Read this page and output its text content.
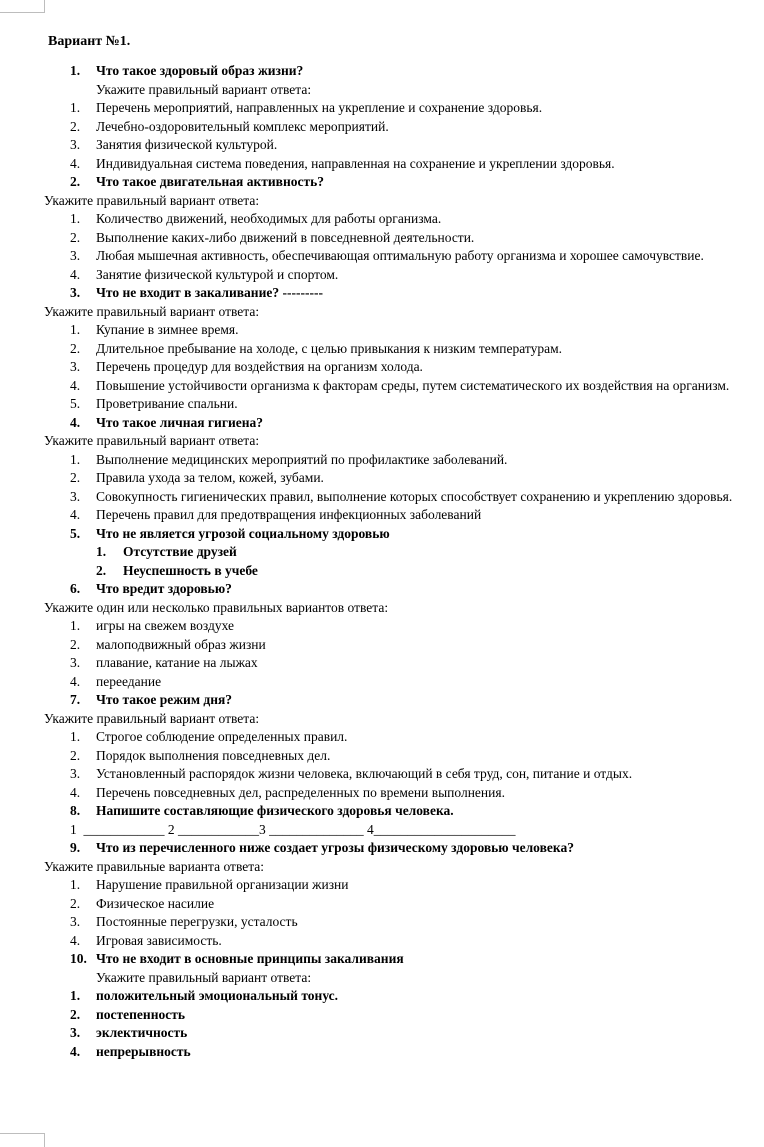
Вариант №1.
1.	Что такое здоровый образ жизни?
Укажите правильный вариант ответа:
1.	Перечень мероприятий, направленных на укрепление и сохранение здоровья.
2.	Лечебно-оздоровительный комплекс мероприятий.
3.	Занятия физической культурой.
4.	Индивидуальная система поведения, направленная на сохранение и укреплении здоровья.
2.	Что такое двигательная активность?
Укажите правильный вариант ответа:
1.	Количество движений, необходимых для работы организма.
2.	Выполнение каких-либо движений в повседневной деятельности.
3.	Любая мышечная активность, обеспечивающая оптимальную работу организма и хорошее самочувствие.
4.	Занятие физической культурой и спортом.
3.	Что не входит в закаливание? ---------
Укажите правильный вариант ответа:
1.	Купание в зимнее время.
2.	Длительное пребывание на холоде, с целью привыкания к низким температурам.
3.	Перечень процедур для воздействия на организм холода.
4.	Повышение устойчивости организма к факторам среды, путем систематического их воздействия на организм.
5.	Проветривание спальни.
4.	Что такое личная гигиена?
Укажите правильный вариант ответа:
1.	Выполнение медицинских мероприятий по профилактике заболеваний.
2.	Правила ухода за телом, кожей, зубами.
3.	Совокупность гигиенических правил, выполнение которых способствует сохранению и укреплению здоровья.
4.	Перечень правил для предотвращения инфекционных заболеваний
5.	Что не является угрозой социальному здоровью
1.	Отсутствие друзей
2.	Неуспешность в учебе
6.	Что вредит здоровью?
Укажите один или несколько правильных вариантов ответа:
1.	игры на свежем воздухе
2.	малоподвижный образ жизни
3.	плавание, катание на лыжах
4.	переедание
7.	Что такое режим дня?
Укажите правильный вариант ответа:
1.	Строгое соблюдение определенных правил.
2.	Порядок выполнения повседневных дел.
3.	Установленный распорядок жизни человека, включающий в себя труд, сон, питание и отдых.
4.	Перечень повседневных дел, распределенных по времени выполнения.
8.	Напишите составляющие физического здоровья человека.
1  ____________ 2 ____________3 ______________ 4_____________________
9.	Что из перечисленного ниже создает угрозы физическому здоровью человека?
Укажите правильные варианта ответа:
1.	Нарушение правильной организации жизни
2.	Физическое насилие
3.	Постоянные перегрузки, усталость
4.	Игровая зависимость.
10. Что не входит в основные принципы закаливания
Укажите правильный вариант ответа:
1.	положительный эмоциональный тонус.
2.	постепенность
3.	эклектичность
4.	непрерывность
